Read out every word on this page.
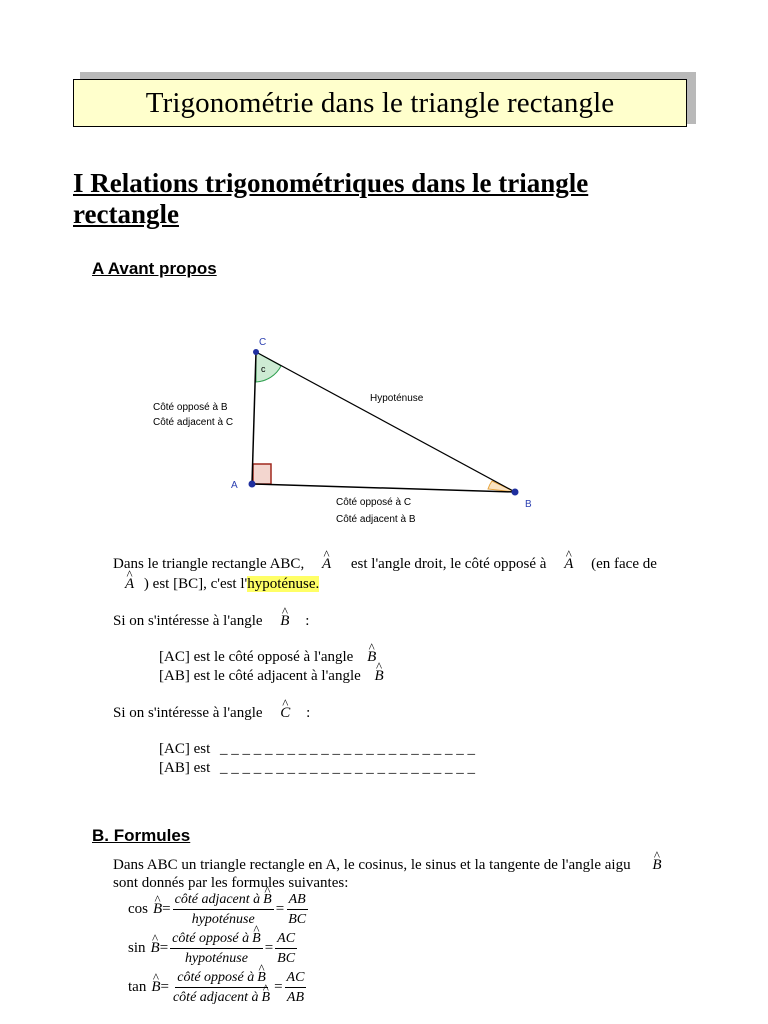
Trigonométrie dans le triangle rectangle
I Relations trigonométriques dans le triangle rectangle
A Avant propos
C
A
B
c
Hypoténuse
Côté opposé à B
Côté adjacent à C
Côté opposé à C
Côté adjacent à B
Dans le triangle rectangle ABC, ^ A est l'angle droit, le côté opposé à ^ A (en face de
^ A ) est [BC], c'est l'hypoténuse.
Si on s'intéresse à l'angle ^ B :
[AC] est le côté opposé à l'angle ^ B
[AB] est le côté adjacent à l'angle ^ B
Si on s'intéresse à l'angle ^ C :
[AC] est _ _ _ _ _ _ _ _ _ _ _ _ _ _ _ _ _ _ _ _ _ _ _
[AB] est _ _ _ _ _ _ _ _ _ _ _ _ _ _ _ _ _ _ _ _ _ _ _
B. Formules
Dans ABC un triangle rectangle en A, le cosinus, le sinus et la tangente de l'angle aigu ^ B
sont donnés par les formules suivantes:
cos ^ $B = \frac{\text{côté adjacent à \textasciicircum{} B}}{\text{hypoténuse}} = \frac{AB}{BC}$
sin ^ $B = \frac{\text{côté opposé à \textasciicircum{} B}}{\text{hypoténuse}} = \frac{AC}{BC}$
tan ^ $B = \frac{\text{côté opposé à \textasciicircum{} B}}{\text{côté adjacent à \textasciicircum{} B}} = \frac{AC}{AB}$
